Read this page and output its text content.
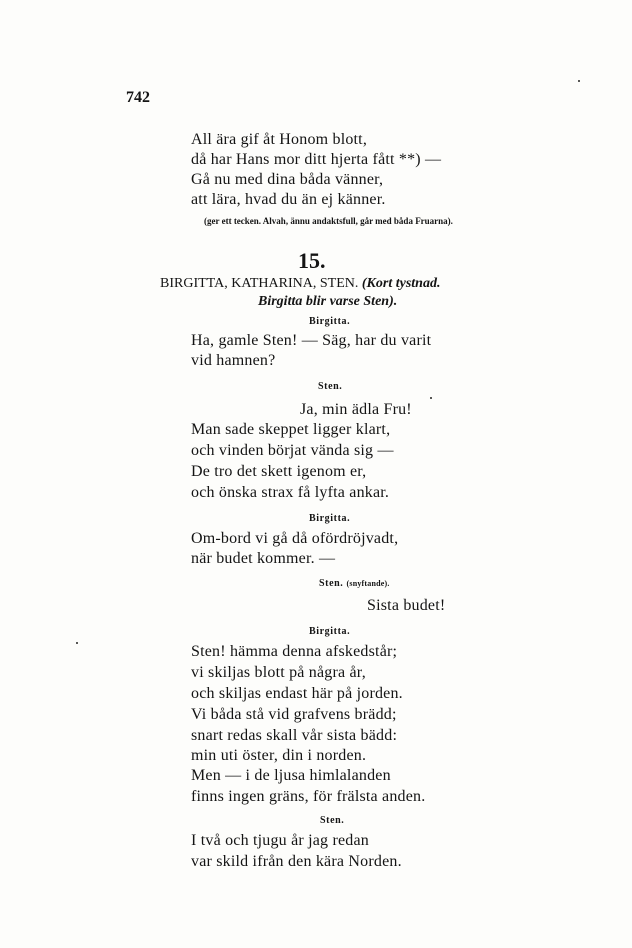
742
All ära gif åt Honom blott,
då har Hans mor ditt hjerta fått **) —
Gå nu med dina båda vänner,
att lära, hvad du än ej känner.
(ger ett tecken. Alvah, ännu andaktsfull, går med båda Fruarna).
15.
BIRGITTA, KATHARINA, STEN. (Kort tystnad.
Birgitta blir varse Sten).
Birgitta.
Ha, gamle Sten! — Säg, har du varit
vid hamnen?
Sten.
Ja, min ädla Fru!
Man sade skeppet ligger klart,
och vinden börjat vända sig —
De tro det skett igenom er,
och önska strax få lyfta ankar.
Birgitta.
Om-bord vi gå då ofördröjvadt,
när budet kommer. —
Sten. (snyftande).
Sista budet!
Birgitta.
Sten! hämma denna afskedstår;
vi skiljas blott på några år,
och skiljas endast här på jorden.
Vi båda stå vid grafvens brädd;
snart redas skall vår sista bädd:
min uti öster, din i norden.
Men — i de ljusa himlalanden
finns ingen gräns, för frälsta anden.
Sten.
I två och tjugu år jag redan
var skild ifrån den kära Norden.
